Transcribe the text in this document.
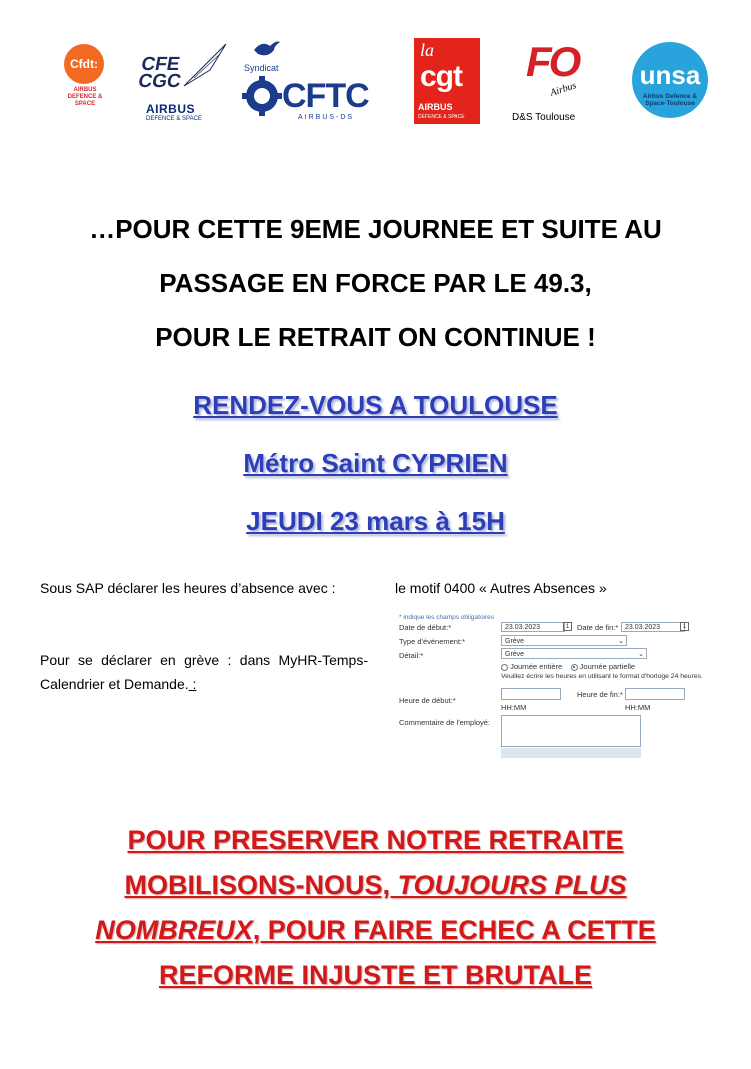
Cfdt:
AIRBUS DEFENCE & SPACE
CFE
CGC
AIRBUS
DEFENCE & SPACE
Syndicat
CFTC
AIRBUS-DS
la
cgt
AIRBUS
DEFENCE & SPACE
FO
Airbus
D&S Toulouse
unsa
Airbus Defence &
Space-Toulouse
…POUR CETTE 9EME JOURNEE ET SUITE AU
PASSAGE EN FORCE PAR LE 49.3,
POUR LE RETRAIT ON CONTINUE !
RENDEZ-VOUS A TOULOUSE
Métro Saint CYPRIEN
JEUDI 23 mars à 15H
Sous SAP déclarer les heures d’absence avec :	le motif 0400 « Autres Absences »
Pour se déclarer en grève : dans MyHR-Temps-Calendrier et Demande. :
* indique les champs obligatoires
Date de début:*	23.03.2023	1	Date de fin:* 23.03.2023	1
Type d'événement:*	Grève	⌄
Détail:*	Grève	⌄
Journée entière Journée partielle
Veuillez écrire les heures en utilisant le format d'horloge 24 heures.
Heure de début:*
HH:MM
Heure de fin:*
HH:MM
Commentaire de l'employé:
POUR PRESERVER NOTRE RETRAITE
MOBILISONS-NOUS, TOUJOURS PLUS
NOMBREUX, POUR FAIRE ECHEC A CETTE
REFORME INJUSTE ET BRUTALE
